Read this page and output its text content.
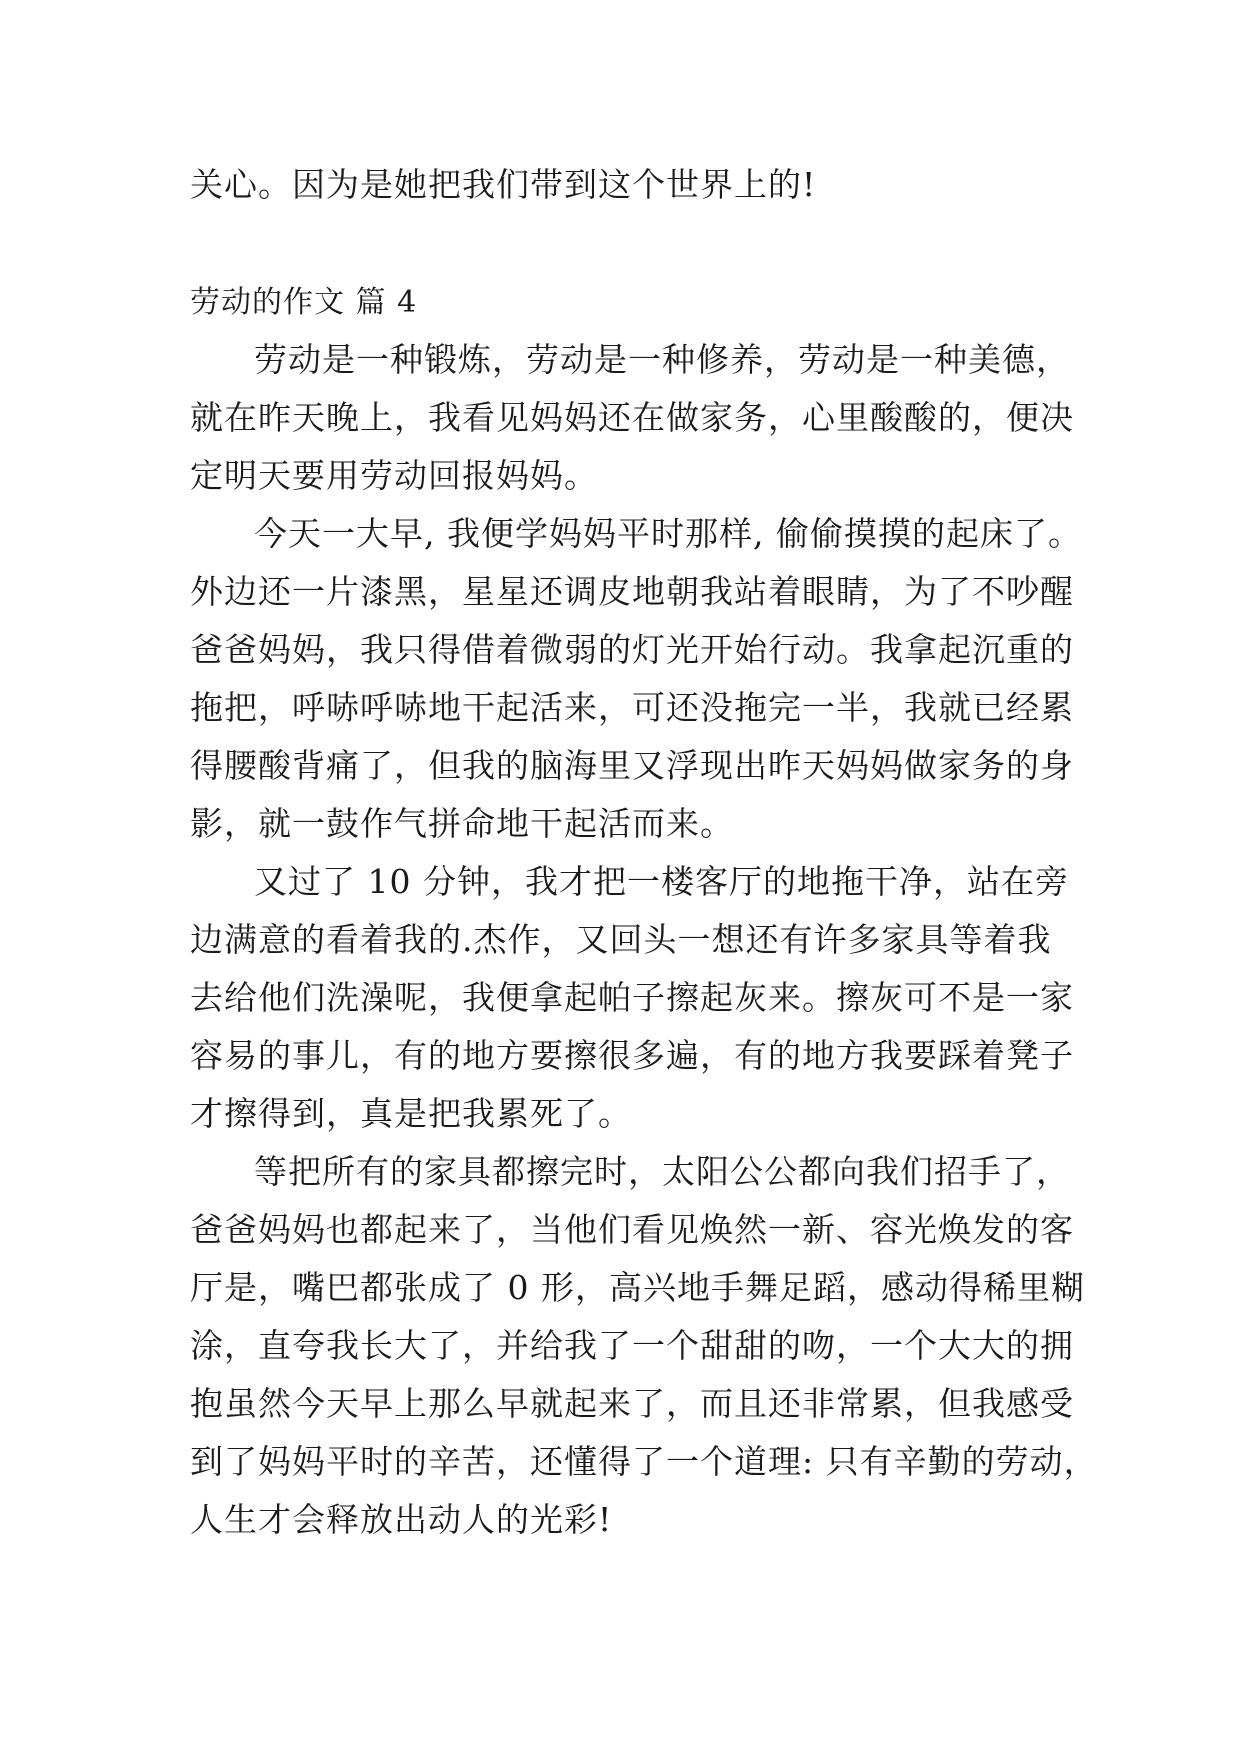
关心。因为是她把我们带到这个世界上的!
劳动的作文 篇 4
劳动是一种锻炼，劳动是一种修养，劳动是一种美德，
就在昨天晚上，我看见妈妈还在做家务，心里酸酸的，便决
定明天要用劳动回报妈妈。
今天一大早, 我便学妈妈平时那样, 偷偷摸摸的起床了。
外边还一片漆黑，星星还调皮地朝我站着眼睛，为了不吵醒
爸爸妈妈，我只得借着微弱的灯光开始行动。我拿起沉重的
拖把，呼哧呼哧地干起活来，可还没拖完一半，我就已经累
得腰酸背痛了，但我的脑海里又浮现出昨天妈妈做家务的身
影，就一鼓作气拼命地干起活而来。
又过了 10 分钟，我才把一楼客厅的地拖干净，站在旁
边满意的看着我的.杰作，又回头一想还有许多家具等着我
去给他们洗澡呢，我便拿起帕子擦起灰来。擦灰可不是一家
容易的事儿，有的地方要擦很多遍，有的地方我要踩着凳子
才擦得到，真是把我累死了。
等把所有的家具都擦完时，太阳公公都向我们招手了，
爸爸妈妈也都起来了，当他们看见焕然一新、容光焕发的客
厅是，嘴巴都张成了 0 形，高兴地手舞足蹈，感动得稀里糊
涂，直夸我长大了，并给我了一个甜甜的吻，一个大大的拥
抱虽然今天早上那么早就起来了，而且还非常累，但我感受
到了妈妈平时的辛苦，还懂得了一个道理: 只有辛勤的劳动，
人生才会释放出动人的光彩!
